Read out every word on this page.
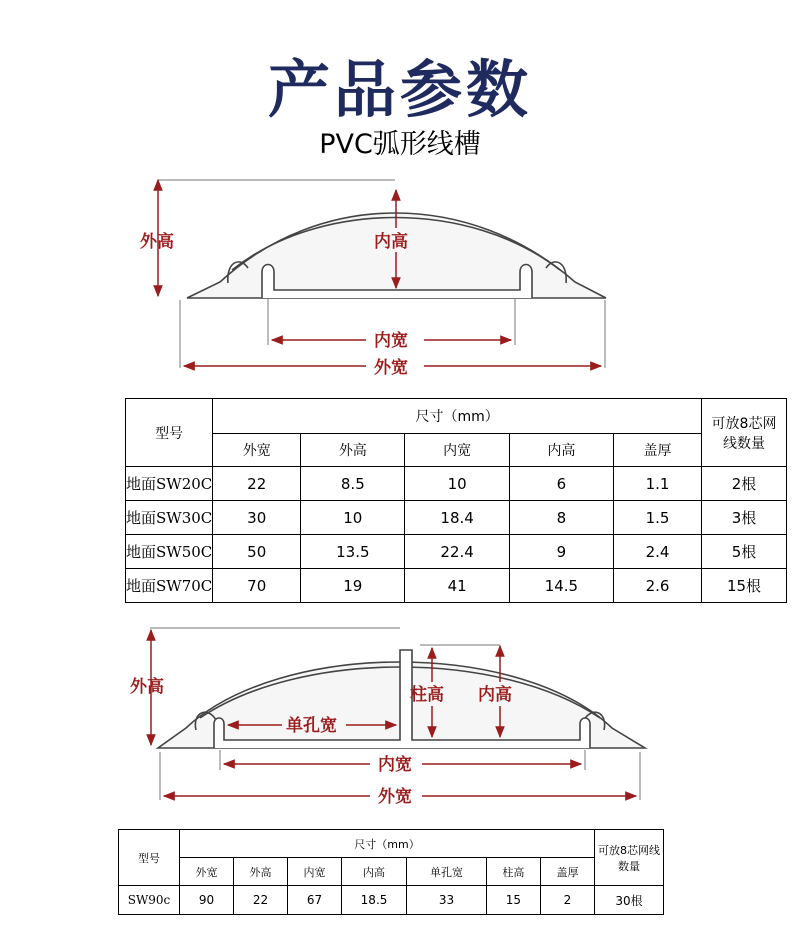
产品参数
PVC弧形线槽
外高	内高
内宽
外宽
型号	尺寸（mm）					可放8芯网线数量
	外宽	外高	内宽	内高	盖厚	
地面SW20C	22	8.5	10	6	1.1	2根
地面SW30C	30	10	18.4	8	1.5	3根
地面SW50C	50	13.5	22.4	9	2.4	5根
地面SW70C	70	19	41	14.5	2.6	15根
外高	柱高 内高
单孔宽
内宽
外宽
型号	尺寸（mm）							可放8芯网线数量
	外宽	外高	内宽	内高	单孔宽	柱高	盖厚	
SW90c	90	22	67	18.5	33	15	2	30根
